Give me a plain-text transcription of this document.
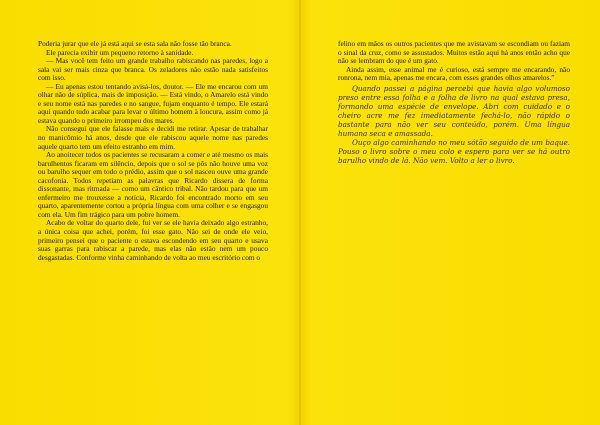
Poderia jurar que ele já está aqui se esta sala não fosse tão branca.

Ele parecia exibir um pequeno retorno à sanidade.

— Mas você tem feito um grande trabalho rabiscando nas paredes, logo a sala vai ser mais cinza que branca. Os zeladores não estão nada satisfeitos com isso.

— Eu apenas estou tentando avisá-los, doutor. — Ele me encarou com um olhar não de súplica, mais de imposição. — Está vindo, o Amarelo está vindo e seu nome está nas paredes e no sangue, fujam enquanto é tempo. Ele estará aqui quando tudo acabar para levar o último homem à loucura, assim como já estava quando o primeiro irrompeu dos mares.

Não consegui que ele falasse mais e decidi me retirar. Apesar de trabalhar no manicômio há anos, desde que ele rabiscou aquele nome nas paredes aquele quarto tem um efeito estranho em mim.

Ao anoitecer todos os pacientes se recusaram a comer e até mesmo os mais barulhentos ficaram em silêncio, depois que o sol se pôs não houve uma voz ou barulho sequer em todo o prédio, assim que o sol nasceu ouve uma grande cacofonia. Todos repetiam as palavras que Ricardo dissera de forma dissonante, mas ritmada — como um cântico tribal. Não tardou para que um enfermeiro me trouxesse a notícia, Ricardo foi encontrado morto em seu quarto, aparentemente cortou a própria língua com uma colher e se engasgou com ela. Um fim trágico para um pobre homem.

Acabo de voltar do quarto dele, fui ver se ele havia deixado algo estranho, a única coisa que achei, porém, foi esse gato. Não sei de onde ele veio, primeiro pensei que o paciente o estava escondendo em seu quarto e usava suas garras para rabiscar a parede, mas elas não estão nem um pouco desgastadas. Conforme vinha caminhando de volta ao meu escritório com o

felino em mãos os outros pacientes que me avistavam se escondiam ou faziam o sinal da cruz, como se assustados. Muitos estão aqui há anos então acho que não se lembram do que é um gato.

Ainda assim, esse animal me é curioso, está sempre me encarando, não ronrona, nem mia, apenas me encara, com esses grandes olhos amarelos.”

Quando passei a página percebi que havia algo volumoso preso entre essa folha e a folha de livro na qual estava presa, formando uma espécie de envelope. Abri com cuidado e o cheiro acre me fez imediatamente fechá-lo, não rápido o bastante para não ver seu conteúdo, porém. Uma língua humana seca e amassada.

Ouço algo caminhando no meu sótão seguido de um baque. Pouso o livro sobre o meu colo e espero para ver se há outro barulho vindo de lá. Não vem. Volto a ler o livro.
